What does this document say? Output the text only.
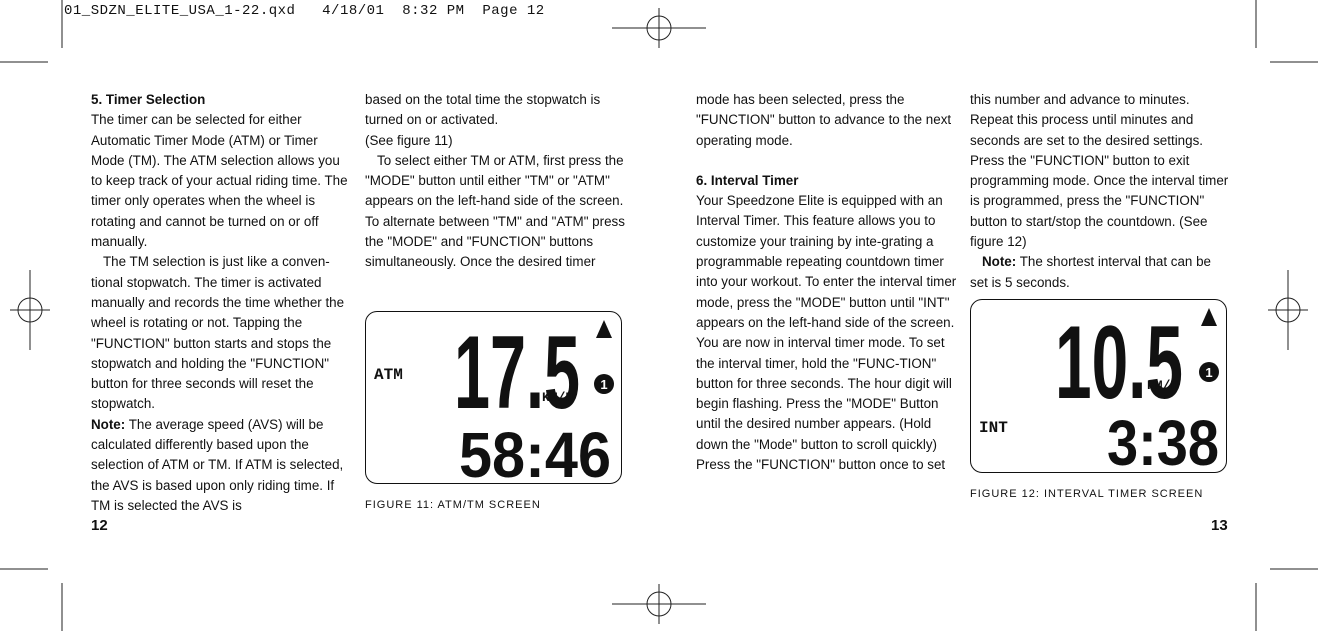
01_SDZN_ELITE_USA_1-22.qxd   4/18/01  8:32 PM  Page 12

5. Timer Selection

The timer can be selected for either Automatic Timer Mode (ATM) or Timer Mode (TM). The ATM selection allows you to keep track of your actual riding time. The timer only operates when the wheel is rotating and cannot be turned on or off manually.

The TM selection is just like a conven-tional stopwatch. The timer is activated manually and records the time whether the wheel is rotating or not. Tapping the "FUNCTION" button starts and stops the stopwatch and holding the "FUNCTION" button for three seconds will reset the stopwatch.

Note: The average speed (AVS) will be calculated differently based upon the selection of ATM or TM. If ATM is selected, the AVS is based upon only riding time. If TM is selected the AVS is

based on the total time the stopwatch is turned on or activated.

(See figure 11)

To select either TM or ATM, first press the "MODE" button until either "TM" or "ATM" appears on the left-hand side of the screen. To alternate between "TM" and "ATM" press the "MODE" and "FUNCTION" buttons simultaneously. Once the desired timer

ATM 17.5
KM/H
1
58:46
FIGURE 11: ATM/TM SCREEN
12

mode has been selected, press the "FUNCTION" button to advance to the next operating mode.

6. Interval Timer

Your Speedzone Elite is equipped with an Interval Timer. This feature allows you to customize your training by inte-grating a programmable repeating countdown timer into your workout. To enter the interval timer mode, press the "MODE" button until "INT" appears on the left-hand side of the screen. You are now in interval timer mode. To set the interval timer, hold the "FUNC-TION" button for three seconds. The hour digit will begin flashing. Press the "MODE" Button until the desired number appears. (Hold down the "Mode" button to scroll quickly) Press the "FUNCTION" button once to set

this number and advance to minutes. Repeat this process until minutes and seconds are set to the desired settings. Press the "FUNCTION" button to exit programming mode. Once the interval timer is programmed, press the "FUNCTION" button to start/stop the countdown. (See figure 12)

Note: The shortest interval that can be set is 5 seconds.

INT
10.5
KM/H
1
3:38
FIGURE 12: INTERVAL TIMER SCREEN
13
